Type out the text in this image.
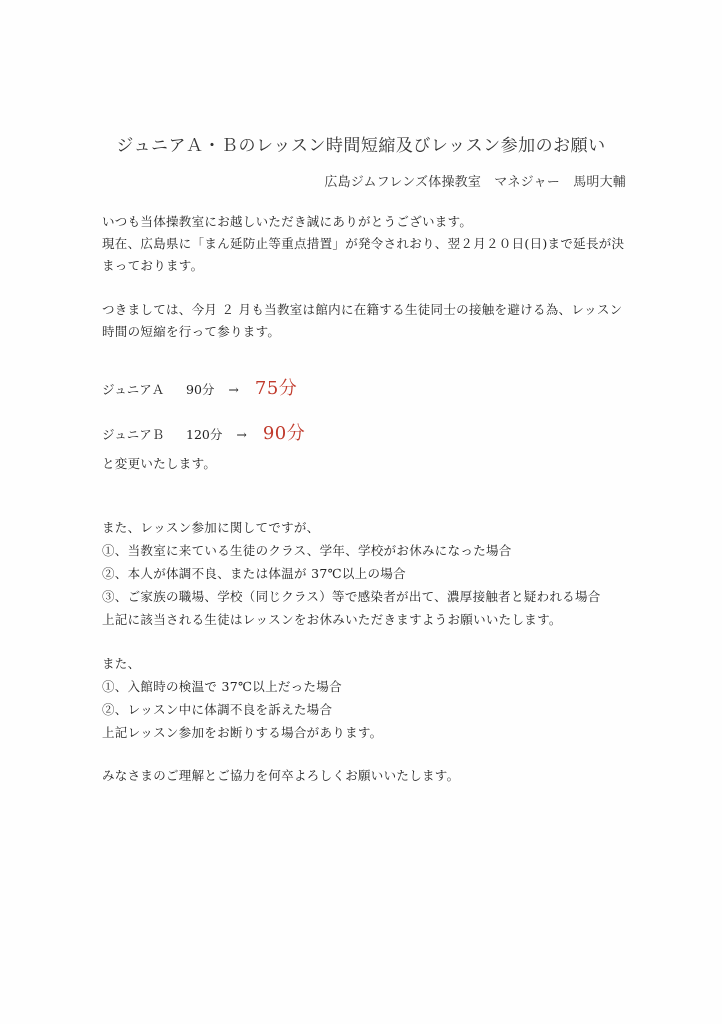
ジュニアＡ・Ｂのレッスン時間短縮及びレッスン参加のお願い
広島ジムフレンズ体操教室　マネジャー　馬明大輔
いつも当体操教室にお越しいただき誠にありがとうございます。
現在、広島県に「まん延防止等重点措置」が発令されおり、翌２月２０日(日)まで延長が決
まっております。
つきましては、今月 ２ 月も当教室は館内に在籍する生徒同士の接触を避ける為、レッスン
時間の短縮を行って参ります。
ジュニアＡ	90分 → 75分
ジュニアＢ	120分 → 90分
と変更いたします。
また、レッスン参加に関してですが、
①、当教室に来ている生徒のクラス、学年、学校がお休みになった場合
②、本人が体調不良、または体温が 37℃以上の場合
③、ご家族の職場、学校（同じクラス）等で感染者が出て、濃厚接触者と疑われる場合
上記に該当される生徒はレッスンをお休みいただきますようお願いいたします。
また、
①、入館時の検温で 37℃以上だった場合
②、レッスン中に体調不良を訴えた場合
上記レッスン参加をお断りする場合があります。
みなさまのご理解とご協力を何卒よろしくお願いいたします。
